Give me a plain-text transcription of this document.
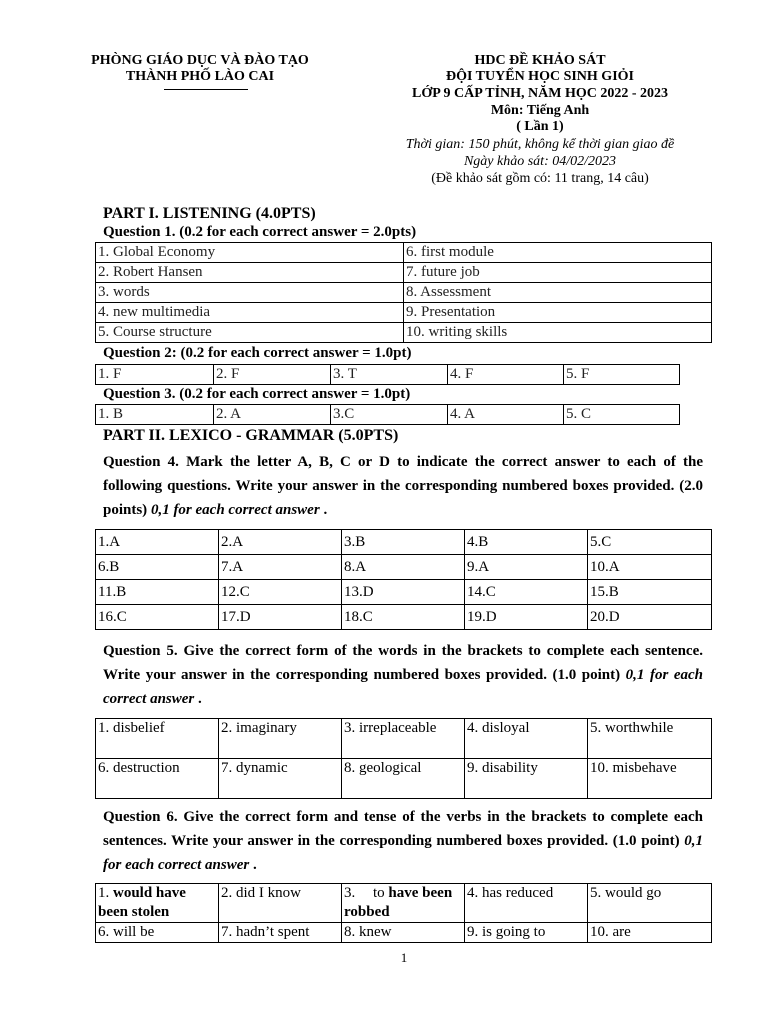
PHÒNG GIÁO DỤC VÀ ĐÀO TẠO
THÀNH PHỐ LÀO CAI
HDC ĐỀ KHẢO SÁT
ĐỘI TUYỂN HỌC SINH GIỎI
LỚP 9 CẤP TỈNH, NĂM HỌC 2022 - 2023
Môn: Tiếng Anh
( Lần 1)
Thời gian: 150 phút, không kể thời gian giao đề
Ngày khảo sát: 04/02/2023
(Đề khảo sát gồm có: 11 trang, 14 câu)
PART I. LISTENING (4.0PTS)
Question 1. (0.2 for each correct answer = 2.0pts)
1. Global Economy	6. first module
2. Robert Hansen	7. future job
3. words	8. Assessment
4. new multimedia	9. Presentation
5. Course structure	10. writing skills
Question 2: (0.2 for each correct answer = 1.0pt)
1. F	2. F	3. T	4. F	5. F
Question 3. (0.2 for each correct answer = 1.0pt)
1. B	2. A	3.C	4. A	5. C
PART II. LEXICO - GRAMMAR (5.0PTS)
Question 4. Mark the letter A, B, C or D to indicate the correct answer to each of the following questions. Write your answer in the corresponding numbered boxes provided. (2.0 points) 0,1 for each correct answer .
1.A	2.A	3.B	4.B	5.C
6.B	7.A	8.A	9.A	10.A
11.B	12.C	13.D	14.C	15.B
16.C	17.D	18.C	19.D	20.D
Question 5. Give the correct form of the words in the brackets to complete each sentence. Write your answer in the corresponding numbered boxes provided. (1.0 point) 0,1 for each correct answer .
1. disbelief	2. imaginary	3. irreplaceable	4. disloyal	5. worthwhile
6. destruction	7. dynamic	8. geological	9. disability	10. misbehave
Question 6. Give the correct form and tense of the verbs in the brackets to complete each sentences. Write your answer in the corresponding numbered boxes provided. (1.0 point) 0,1 for each correct answer .
1. would have been stolen	2. did I know	3. to have been robbed	4. has reduced	5. would go
6. will be	7. hadn’t spent	8. knew	9. is going to	10. are
1
